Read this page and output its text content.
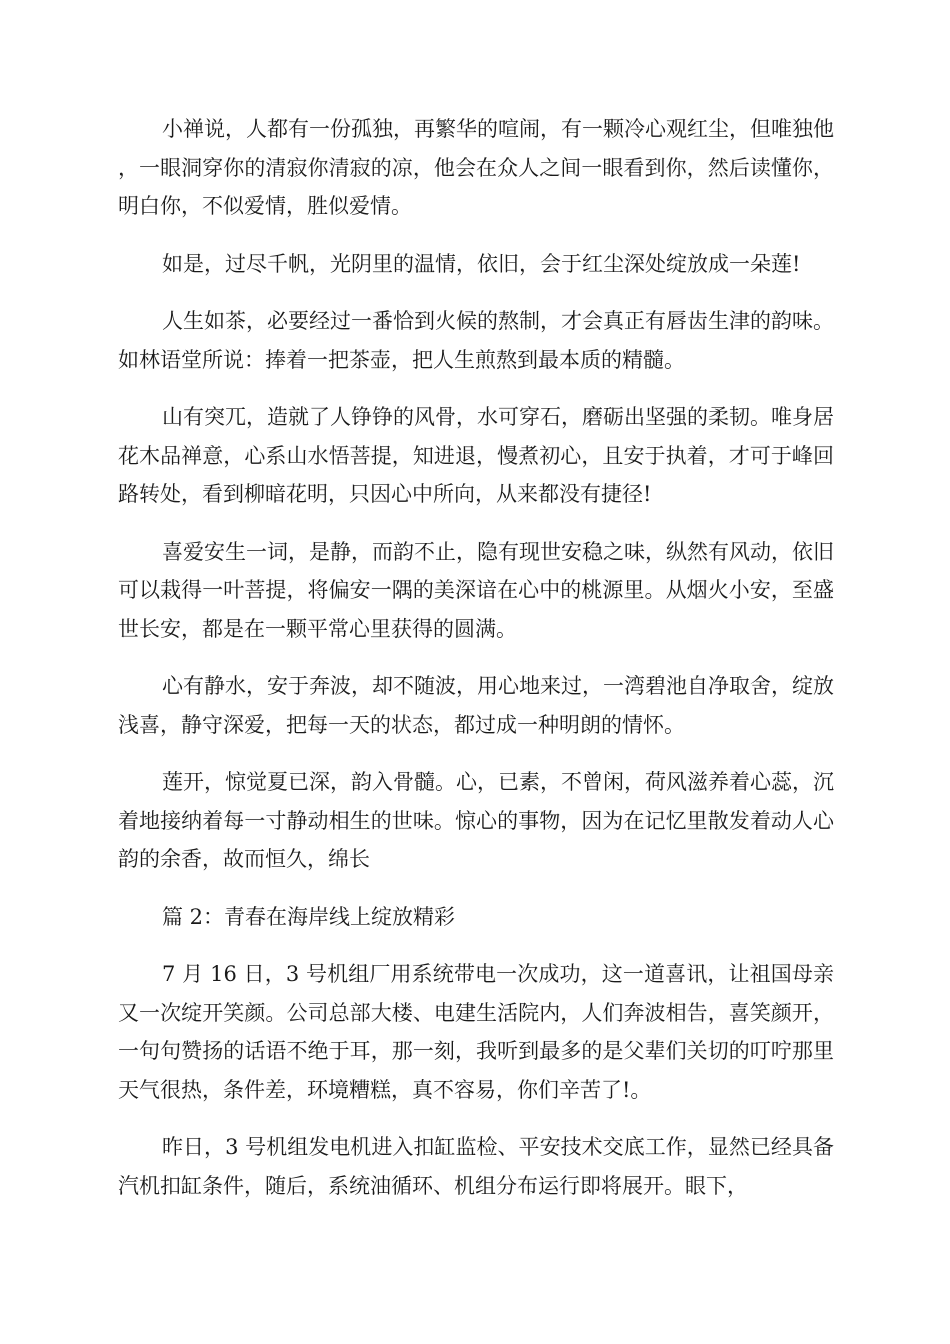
小禅说，人都有一份孤独，再繁华的喧闹，有一颗冷心观红尘，但唯独他，一眼洞穿你的清寂你清寂的凉，他会在众人之间一眼看到你，然后读懂你，明白你，不似爱情，胜似爱情。

如是，过尽千帆，光阴里的温情，依旧，会于红尘深处绽放成一朵莲!

人生如茶，必要经过一番恰到火候的熬制，才会真正有唇齿生津的韵味。如林语堂所说：捧着一把茶壶，把人生煎熬到最本质的精髓。

山有突兀，造就了人铮铮的风骨，水可穿石，磨砺出坚强的柔韧。唯身居花木品禅意，心系山水悟菩提，知进退，慢煮初心，且安于执着，才可于峰回路转处，看到柳暗花明，只因心中所向，从来都没有捷径!

喜爱安生一词，是静，而韵不止，隐有现世安稳之味，纵然有风动，依旧可以栽得一叶菩提，将偏安一隅的美深谙在心中的桃源里。从烟火小安，至盛世长安，都是在一颗平常心里获得的圆满。

心有静水，安于奔波，却不随波，用心地来过，一湾碧池自净取舍，绽放浅喜，静守深爱，把每一天的状态，都过成一种明朗的情怀。

莲开，惊觉夏已深，韵入骨髓。心，已素，不曾闲，荷风滋养着心蕊，沉着地接纳着每一寸静动相生的世味。惊心的事物，因为在记忆里散发着动人心韵的余香，故而恒久，绵长

篇 2：青春在海岸线上绽放精彩

7 月 16 日，3 号机组厂用系统带电一次成功，这一道喜讯，让祖国母亲又一次绽开笑颜。公司总部大楼、电建生活院内，人们奔波相告，喜笑颜开，一句句赞扬的话语不绝于耳，那一刻，我听到最多的是父辈们关切的叮咛那里天气很热，条件差，环境糟糕，真不容易，你们辛苦了!。

昨日，3 号机组发电机进入扣缸监检、平安技术交底工作，显然已经具备汽机扣缸条件，随后，系统油循环、机组分布运行即将展开。眼下，
